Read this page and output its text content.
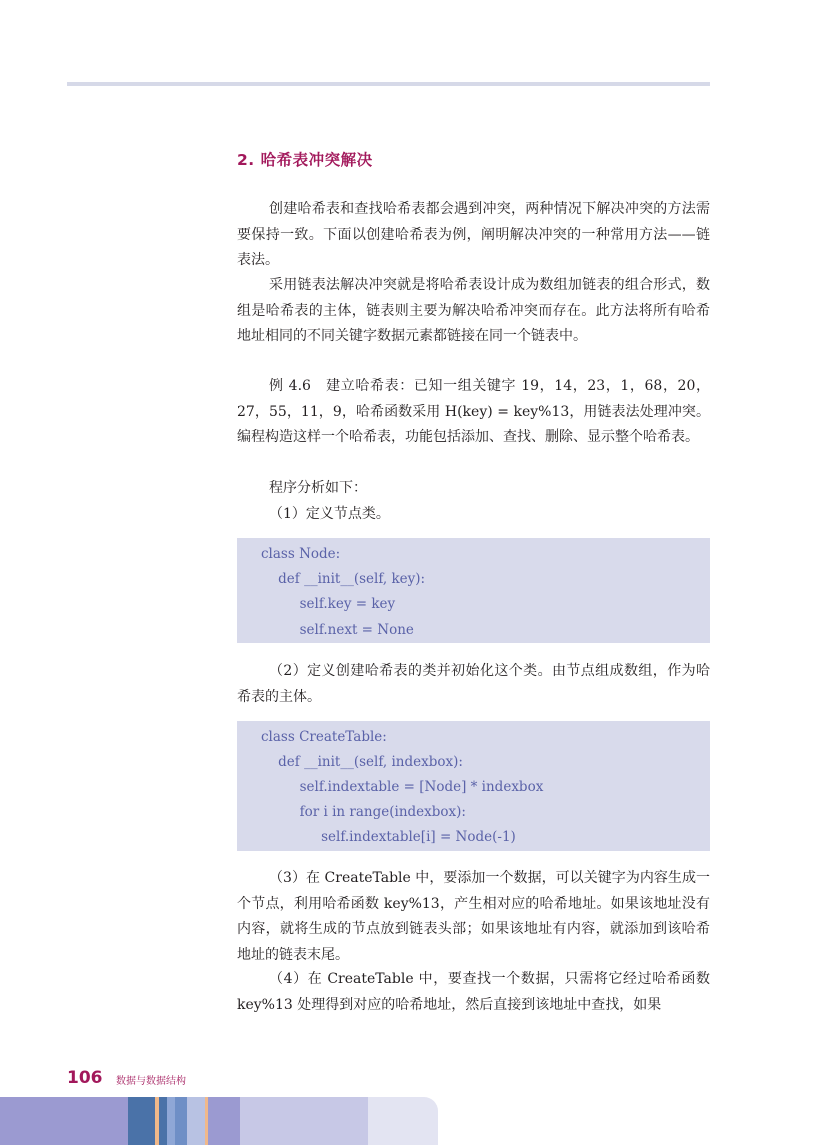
2. 哈希表冲突解决

创建哈希表和查找哈希表都会遇到冲突，两种情况下解决冲突的方法需要保持一致。下面以创建哈希表为例，阐明解决冲突的一种常用方法——链表法。

采用链表法解决冲突就是将哈希表设计成为数组加链表的组合形式，数组是哈希表的主体，链表则主要为解决哈希冲突而存在。此方法将所有哈希地址相同的不同关键字数据元素都链接在同一个链表中。

例 4.6　建立哈希表：已知一组关键字 19，14，23，1，68，20，27，55，11，9，哈希函数采用 H(key) = key%13，用链表法处理冲突。编程构造这样一个哈希表，功能包括添加、查找、删除、显示整个哈希表。

程序分析如下：

（1）定义节点类。

class Node:
def __init__(self, key):
self.key = key
self.next = None

（2）定义创建哈希表的类并初始化这个类。由节点组成数组，作为哈希表的主体。

class CreateTable:
def __init__(self, indexbox):
self.indextable = [Node] * indexbox
for i in range(indexbox):
self.indextable[i] = Node(-1)

（3）在 CreateTable 中，要添加一个数据，可以关键字为内容生成一个节点，利用哈希函数 key%13，产生相对应的哈希地址。如果该地址没有内容，就将生成的节点放到链表头部；如果该地址有内容，就添加到该哈希地址的链表末尾。

（4）在 CreateTable 中，要查找一个数据，只需将它经过哈希函数 key%13 处理得到对应的哈希地址，然后直接到该地址中查找，如果

106 数据与数据结构
